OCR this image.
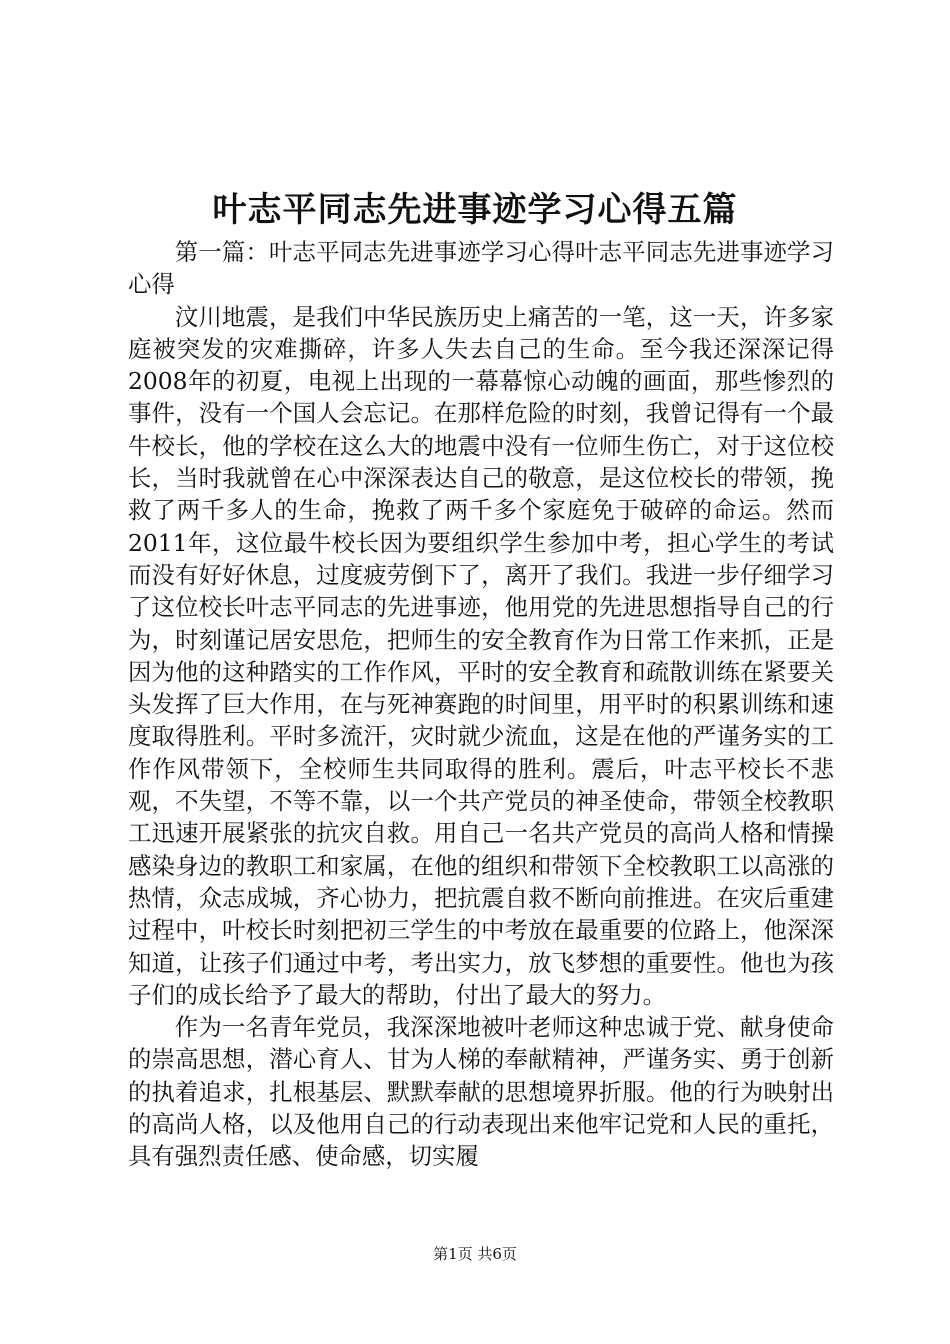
叶志平同志先进事迹学习心得五篇

第一篇：叶志平同志先进事迹学习心得叶志平同志先进事迹学习心得

汶川地震，是我们中华民族历史上痛苦的一笔，这一天，许多家庭被突发的灾难撕碎，许多人失去自己的生命。至今我还深深记得2008年的初夏，电视上出现的一幕幕惊心动魄的画面，那些惨烈的事件，没有一个国人会忘记。在那样危险的时刻，我曾记得有一个最牛校长，他的学校在这么大的地震中没有一位师生伤亡，对于这位校长，当时我就曾在心中深深表达自己的敬意，是这位校长的带领，挽救了两千多人的生命，挽救了两千多个家庭免于破碎的命运。然而2011年，这位最牛校长因为要组织学生参加中考，担心学生的考试而没有好好休息，过度疲劳倒下了，离开了我们。我进一步仔细学习了这位校长叶志平同志的先进事迹，他用党的先进思想指导自己的行为，时刻谨记居安思危，把师生的安全教育作为日常工作来抓，正是因为他的这种踏实的工作作风，平时的安全教育和疏散训练在紧要关头发挥了巨大作用，在与死神赛跑的时间里，用平时的积累训练和速度取得胜利。平时多流汗，灾时就少流血，这是在他的严谨务实的工作作风带领下，全校师生共同取得的胜利。震后，叶志平校长不悲观，不失望，不等不靠，以一个共产党员的神圣使命，带领全校教职工迅速开展紧张的抗灾自救。用自己一名共产党员的高尚人格和情操感染身边的教职工和家属，在他的组织和带领下全校教职工以高涨的热情，众志成城，齐心协力，把抗震自救不断向前推进。在灾后重建过程中，叶校长时刻把初三学生的中考放在最重要的位路上，他深深知道，让孩子们通过中考，考出实力，放飞梦想的重要性。他也为孩子们的成长给予了最大的帮助，付出了最大的努力。

作为一名青年党员，我深深地被叶老师这种忠诚于党、献身使命的崇高思想，潜心育人、甘为人梯的奉献精神，严谨务实、勇于创新的执着追求，扎根基层、默默奉献的思想境界折服。他的行为映射出的高尚人格，以及他用自己的行动表现出来他牢记党和人民的重托，具有强烈责任感、使命感，切实履

第1页 共6页
